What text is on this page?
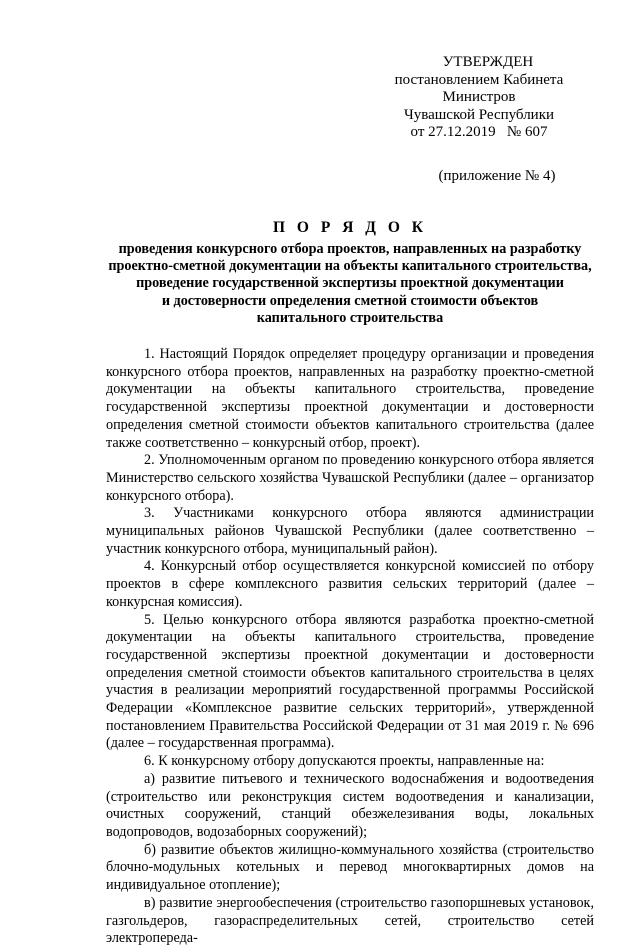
УТВЕРЖДЕН
постановлением Кабинета Министров
Чувашской Республики
от 27.12.2019   № 607
(приложение № 4)
П О Р Я Д О К
проведения конкурсного отбора проектов, направленных на разработку
проектно-сметной документации на объекты капитального строительства,
проведение государственной экспертизы проектной документации
и достоверности определения сметной стоимости объектов
капитального строительства

1. Настоящий Порядок определяет процедуру организации и проведения конкурсного отбора проектов, направленных на разработку проектно-сметной документации на объекты капитального строительства, проведение государственной экспертизы проектной документации и достоверности определения сметной стоимости объектов капитального строительства (далее также соответственно – конкурсный отбор, проект).

2. Уполномоченным органом по проведению конкурсного отбора является Министерство сельского хозяйства Чувашской Республики (далее – организатор конкурсного отбора).

3. Участниками конкурсного отбора являются администрации муниципальных районов Чувашской Республики (далее соответственно – участник конкурсного отбора, муниципальный район).

4. Конкурсный отбор осуществляется конкурсной комиссией по отбору проектов в сфере комплексного развития сельских территорий (далее – конкурсная комиссия).

5. Целью конкурсного отбора являются разработка проектно-сметной документации на объекты капитального строительства, проведение государственной экспертизы проектной документации и достоверности определения сметной стоимости объектов капитального строительства в целях участия в реализации мероприятий государственной программы Российской Федерации «Комплексное развитие сельских территорий», утвержденной постановлением Правительства Российской Федерации от 31 мая 2019 г. № 696 (далее – государственная программа).

6. К конкурсному отбору допускаются проекты, направленные на:

а) развитие питьевого и технического водоснабжения и водоотведения (строительство или реконструкция систем водоотведения и канализации, очистных сооружений, станций обезжелезивания воды, локальных водопроводов, водозаборных сооружений);

б) развитие объектов жилищно-коммунального хозяйства (строительство блочно-модульных котельных и перевод многоквартирных домов на индивидуальное отопление);

в) развитие энергообеспечения (строительство газопоршневых установок, газгольдеров, газораспределительных сетей, строительство сетей электропереда-
